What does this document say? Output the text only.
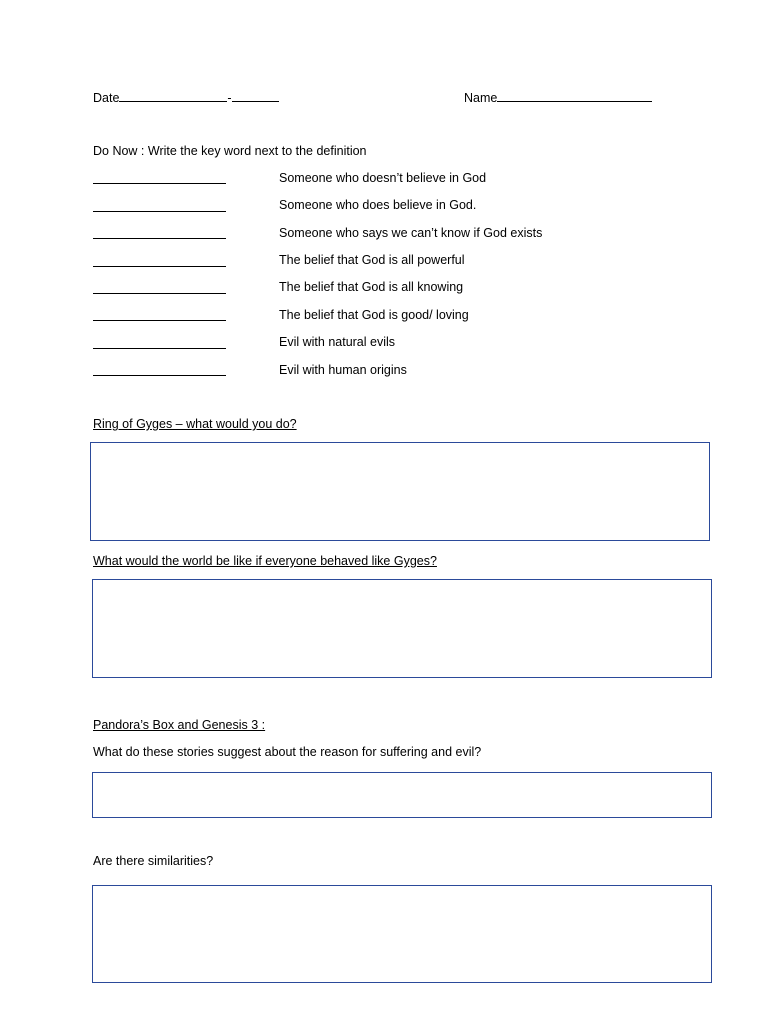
Date	-	Name
Do Now : Write the key word next to the definition
Someone who doesn’t believe in God
Someone who does believe in God.
Someone who says we can’t know if God exists
The belief that God is all powerful
The belief that God is all knowing
The belief that God is good/ loving
Evil with natural evils
Evil with human origins
Ring of Gyges – what would you do?
What would the world be like if everyone behaved like Gyges?
Pandora’s Box and Genesis 3 :
What do these stories suggest about the reason for suffering and evil?
Are there similarities?
